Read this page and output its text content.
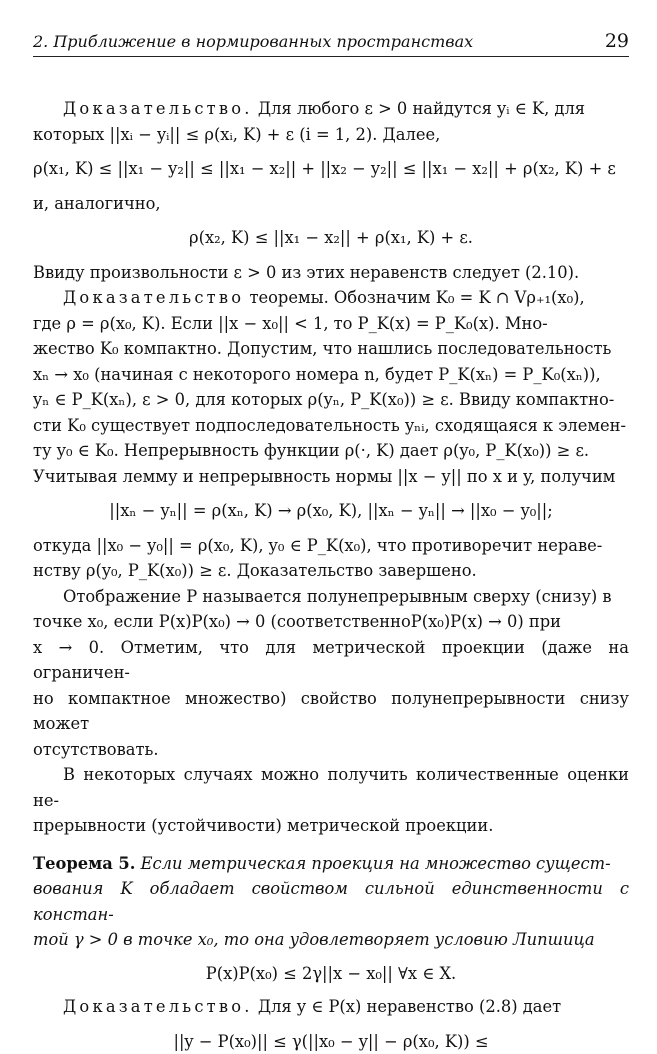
2. Приближение в нормированных пространствах	29

Доказательство. Для любого ε > 0 найдутся yᵢ ∈ K, для

которых ||xᵢ − yᵢ|| ≤ ρ(xᵢ, K) + ε (i = 1, 2). Далее,

ρ(x₁, K) ≤ ||x₁ − y₂|| ≤ ||x₁ − x₂|| + ||x₂ − y₂|| ≤ ||x₁ − x₂|| + ρ(x₂, K) + ε

и, аналогично,

ρ(x₂, K) ≤ ||x₁ − x₂|| + ρ(x₁, K) + ε.

Ввиду произвольности ε > 0 из этих неравенств следует (2.10).

Доказательство теоремы. Обозначим K₀ = K ∩ Vρ₊₁(x₀),

где ρ = ρ(x₀, K). Если ||x − x₀|| < 1, то P_K(x) = P_K₀(x). Мно-

жество K₀ компактно. Допустим, что нашлись последовательность

xₙ → x₀ (начиная с некоторого номера n, будет P_K(xₙ) = P_K₀(xₙ)),

yₙ ∈ P_K(xₙ), ε > 0, для которых ρ(yₙ, P_K(x₀)) ≥ ε. Ввиду компактно-

сти K₀ существует подпоследовательность yₙᵢ, сходящаяся к элемен-

ту y₀ ∈ K₀. Непрерывность функции ρ(·, K) дает ρ(y₀, P_K(x₀)) ≥ ε.

Учитывая лемму и непрерывность нормы ||x − y|| по x и y, получим

||xₙ − yₙ|| = ρ(xₙ, K) → ρ(x₀, K), ||xₙ − yₙ|| → ||x₀ − y₀||;

откуда ||x₀ − y₀|| = ρ(x₀, K), y₀ ∈ P_K(x₀), что противоречит нераве-

нству ρ(y₀, P_K(x₀)) ≥ ε. Доказательство завершено.

Отображение P называется полунепрерывным сверху (снизу) в

точке x₀, если P(x)P(x₀) → 0 (соответственноP(x₀)P(x) → 0) при

x → 0. Отметим, что для метрической проекции (даже на ограничен-

но компактное множество) свойство полунепрерывности снизу может

отсутствовать.

В некоторых случаях можно получить количественные оценки не-

прерывности (устойчивости) метрической проекции.

Теорема 5. Если метрическая проекция на множество сущест-

вования K обладает свойством сильной единственности с констан-

той γ > 0 в точке x₀, то она удовлетворяет условию Липшица

P(x)P(x₀) ≤ 2γ||x − x₀|| ∀x ∈ X.

Доказательство. Для y ∈ P(x) неравенство (2.8) дает

||y − P(x₀)|| ≤ γ(||x₀ − y|| − ρ(x₀, K)) ≤
